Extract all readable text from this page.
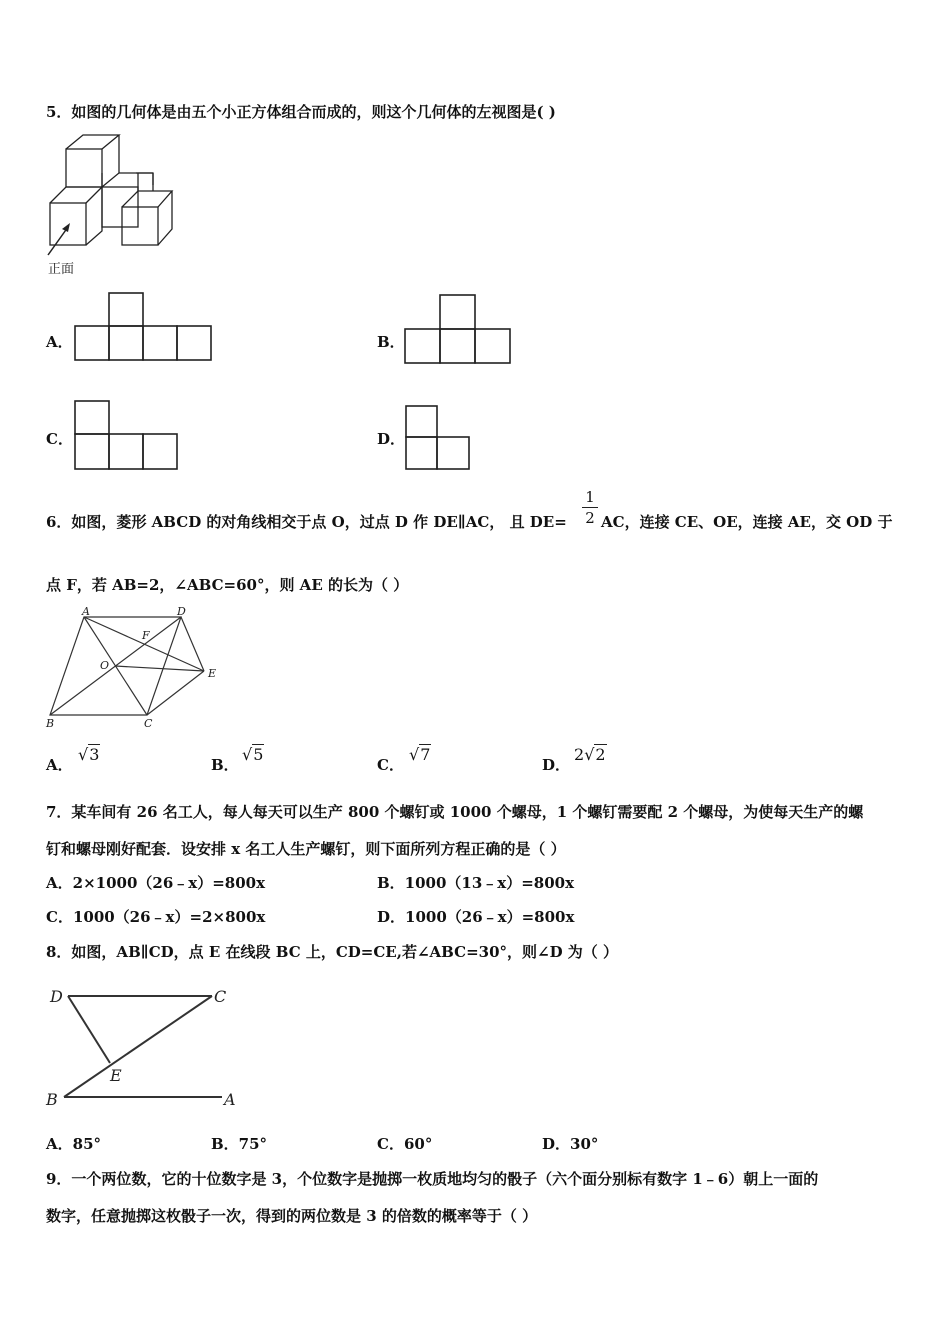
5．如图的几何体是由五个小正方体组合而成的，则这个几何体的左视图是( )
正面
A．	B．
C．	D．
6．如图，菱形 ABCD 的对角线相交于点 O，过点 D 作 DE∥AC， 且 DE=
1
2 AC，连接 CE、OE，连接 AE，交 OD 于
点 F，若 AB=2，∠ABC=60°，则 AE 的长为（ ）
A	D
F
O
E
B	C
A．
√3
B．
√5
C．
√7
D．
2√2
7．某车间有 26 名工人，每人每天可以生产 800 个螺钉或 1000 个螺母，1 个螺钉需要配 2 个螺母，为使每天生产的螺
钉和螺母刚好配套．设安排 x 名工人生产螺钉，则下面所列方程正确的是（ ）
A．2×1000（26﹣x）=800x	B．1000（13﹣x）=800x
C．1000（26﹣x）=2×800x	D．1000（26﹣x）=800x
8．如图，AB∥CD，点 E 在线段 BC 上，CD=CE,若∠ABC=30°，则∠D 为（ ）
D	C
E
B	A
A．85°	B．75°	C．60°	D．30°
9．一个两位数，它的十位数字是 3，个位数字是抛掷一枚质地均匀的骰子（六个面分别标有数字 1﹣6）朝上一面的
数字，任意抛掷这枚骰子一次，得到的两位数是 3 的倍数的概率等于（ ）
